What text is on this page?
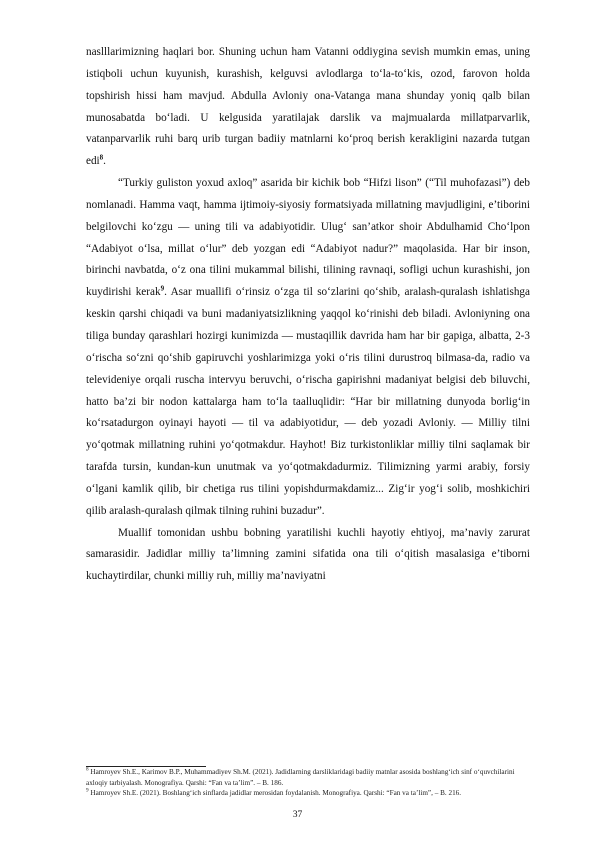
naslllarimizning haqlari bor. Shuning uchun ham Vatanni oddiygina sevish mumkin emas, uning istiqboli uchun kuyunish, kurashish, kelguvsi avlodlarga to‘la-to‘kis, ozod, farovon holda topshirish hissi ham mavjud. Abdulla Avloniy ona-Vatanga mana shunday yoniq qalb bilan munosabatda bo‘ladi. U kelgusida yaratilajak darslik va majmualarda millatparvarlik, vatanparvarlik ruhi barq urib turgan badiiy matnlarni ko‘proq berish kerakligini nazarda tutgan edi$^8$.

“Turkiy guliston yoxud axloq” asarida bir kichik bob “Hifzi lison” (“Til muhofazasi”) deb nomlanadi. Hamma vaqt, hamma ijtimoiy-siyosiy formatsiyada millatning mavjudligini, e’tiborini belgilovchi ko‘zgu — uning tili va adabiyotidir. Ulug‘ san’atkor shoir Abdulhamid Cho‘lpon “Adabiyot o‘lsa, millat o‘lur” deb yozgan edi “Adabiyot nadur?” maqolasida. Har bir inson, birinchi navbatda, o‘z ona tilini mukammal bilishi, tilining ravnaqi, sofligi uchun kurashishi, jon kuydirishi kerak$^9$. Asar muallifi o‘rinsiz o‘zga til so‘zlarini qo‘shib, aralash-quralash ishlatishga keskin qarshi chiqadi va buni madaniyatsizlikning yaqqol ko‘rinishi deb biladi. Avloniyning ona tiliga bunday qarashlari hozirgi kunimizda — mustaqillik davrida ham har bir gapiga, albatta, 2-3 o‘rischa so‘zni qo‘shib gapiruvchi yoshlarimizga yoki o‘ris tilini durustroq bilmasa-da, radio va televideniye orqali ruscha intervyu beruvchi, o‘rischa gapirishni madaniyat belgisi deb biluvchi, hatto ba’zi bir nodon kattalarga ham to‘la taalluqlidir: “Har bir millatning dunyoda borlig‘in ko‘rsatadurgon oyinayi hayoti — til va adabiyotidur, — deb yozadi Avloniy. — Milliy tilni yo‘qotmak millatning ruhini yo‘qotmakdur. Hayhot! Biz turkistonliklar milliy tilni saqlamak bir tarafda tursin, kundan-kun unutmak va yo‘qotmakdadurmiz. Tilimizning yarmi arabiy, forsiy o‘lgani kamlik qilib, bir chetiga rus tilini yopishdurmakdamiz... Zig‘ir yog‘i solib, moshkichiri qilib aralash-quralash qilmak tilning ruhini buzadur”.

Muallif tomonidan ushbu bobning yaratilishi kuchli hayotiy ehtiyoj, ma’naviy zarurat samarasidir. Jadidlar milliy ta’limning zamini sifatida ona tili o‘qitish masalasiga e’tiborni kuchaytirdilar, chunki milliy ruh, milliy ma’naviyatni

$^8$ Hamroyev Sh.E., Karimov B.P., Muhammadiyev Sh.M. (2021). Jadidlarning darsliklaridagi badiiy matnlar asosida boshlang‘ich sinf o‘quvchilarini axloqiy tarbiyalash. Monografiya. Qarshi: “Fan va ta’lim”. – B. 186.

$^9$ Hamroyev Sh.E. (2021). Boshlang‘ich sinflarda jadidlar merosidan foydalanish. Monografiya. Qarshi: “Fan va ta’lim”, – B. 216.

37
